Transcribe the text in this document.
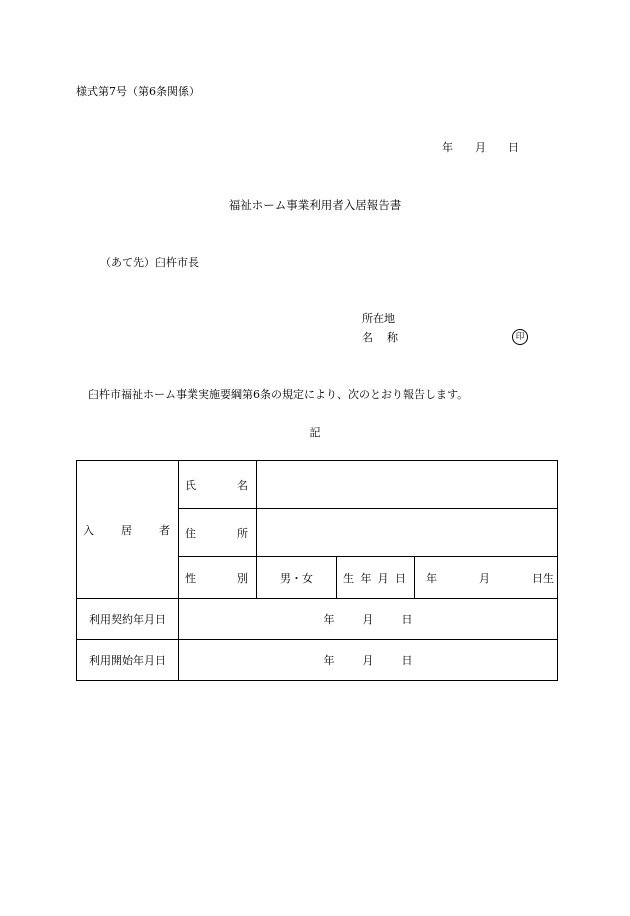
様式第7号（第6条関係）
年 月 日
福祉ホーム事業利用者入居報告書
（あて先）臼杵市長
所在地
名 称	印
臼杵市福祉ホーム事業実施要綱第6条の規定により、次のとおり報告します。
記
入 居 者	氏 名			

	住 所			

	性 別	男・女	生 年 月 日	年 月 日生

利用契約年月日	年 月 日			
利用開始年月日	年 月 日			
